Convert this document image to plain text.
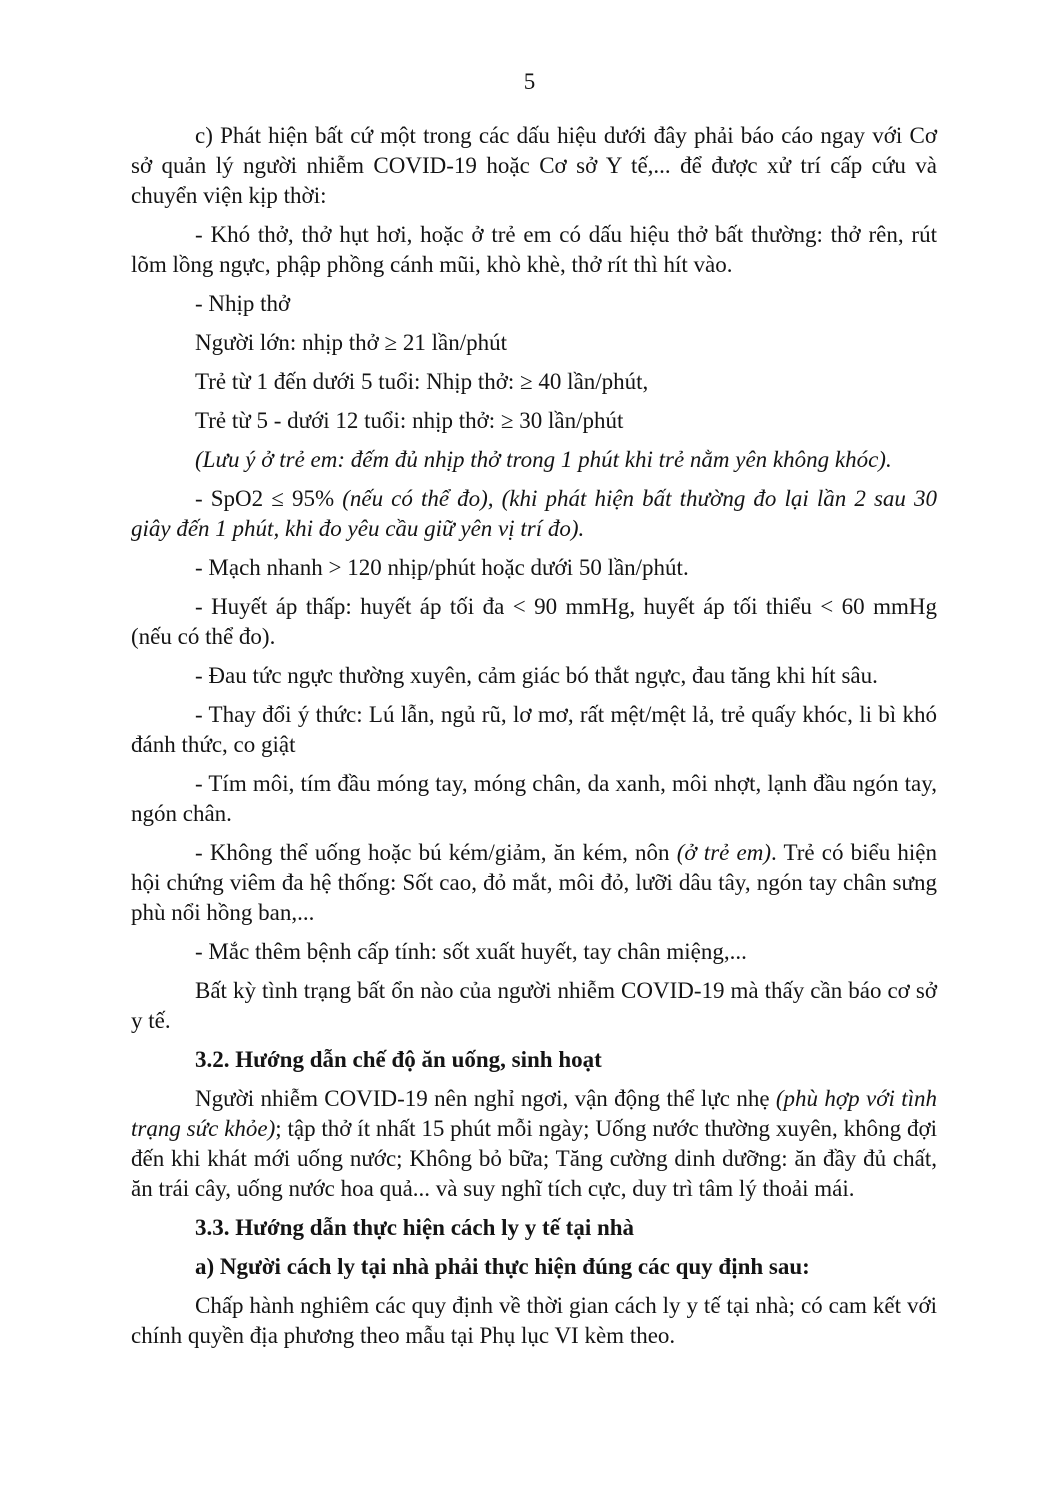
5

c) Phát hiện bất cứ một trong các dấu hiệu dưới đây phải báo cáo ngay với Cơ sở quản lý người nhiễm COVID-19 hoặc Cơ sở Y tế,... để được xử trí cấp cứu và chuyển viện kịp thời:

- Khó thở, thở hụt hơi, hoặc ở trẻ em có dấu hiệu thở bất thường: thở rên, rút lõm lồng ngực, phập phồng cánh mũi, khò khè, thở rít thì hít vào.

- Nhịp thở

Người lớn: nhịp thở ≥ 21 lần/phút

Trẻ từ 1 đến dưới 5 tuổi: Nhịp thở: ≥ 40 lần/phút,

Trẻ từ 5 - dưới 12 tuổi: nhịp thở: ≥ 30 lần/phút

(Lưu ý ở trẻ em: đếm đủ nhịp thở trong 1 phút khi trẻ nằm yên không khóc).

- SpO2 ≤ 95% (nếu có thể đo), (khi phát hiện bất thường đo lại lần 2 sau 30 giây đến 1 phút, khi đo yêu cầu giữ yên vị trí đo).

- Mạch nhanh > 120 nhịp/phút hoặc dưới 50 lần/phút.

- Huyết áp thấp: huyết áp tối đa < 90 mmHg, huyết áp tối thiểu < 60 mmHg (nếu có thể đo).

- Đau tức ngực thường xuyên, cảm giác bó thắt ngực, đau tăng khi hít sâu.

- Thay đổi ý thức: Lú lẫn, ngủ rũ, lơ mơ, rất mệt/mệt lả, trẻ quấy khóc, li bì khó đánh thức, co giật

- Tím môi, tím đầu móng tay, móng chân, da xanh, môi nhợt, lạnh đầu ngón tay, ngón chân.

- Không thể uống hoặc bú kém/giảm, ăn kém, nôn (ở trẻ em). Trẻ có biểu hiện hội chứng viêm đa hệ thống: Sốt cao, đỏ mắt, môi đỏ, lưỡi dâu tây, ngón tay chân sưng phù nổi hồng ban,...

- Mắc thêm bệnh cấp tính: sốt xuất huyết, tay chân miệng,...

Bất kỳ tình trạng bất ổn nào của người nhiễm COVID-19 mà thấy cần báo cơ sở y tế.

3.2. Hướng dẫn chế độ ăn uống, sinh hoạt

Người nhiễm COVID-19 nên nghỉ ngơi, vận động thể lực nhẹ (phù hợp với tình trạng sức khỏe); tập thở ít nhất 15 phút mỗi ngày; Uống nước thường xuyên, không đợi đến khi khát mới uống nước; Không bỏ bữa; Tăng cường dinh dưỡng: ăn đầy đủ chất, ăn trái cây, uống nước hoa quả... và suy nghĩ tích cực, duy trì tâm lý thoải mái.

3.3. Hướng dẫn thực hiện cách ly y tế tại nhà
a) Người cách ly tại nhà phải thực hiện đúng các quy định sau:

Chấp hành nghiêm các quy định về thời gian cách ly y tế tại nhà; có cam kết với chính quyền địa phương theo mẫu tại Phụ lục VI kèm theo.
